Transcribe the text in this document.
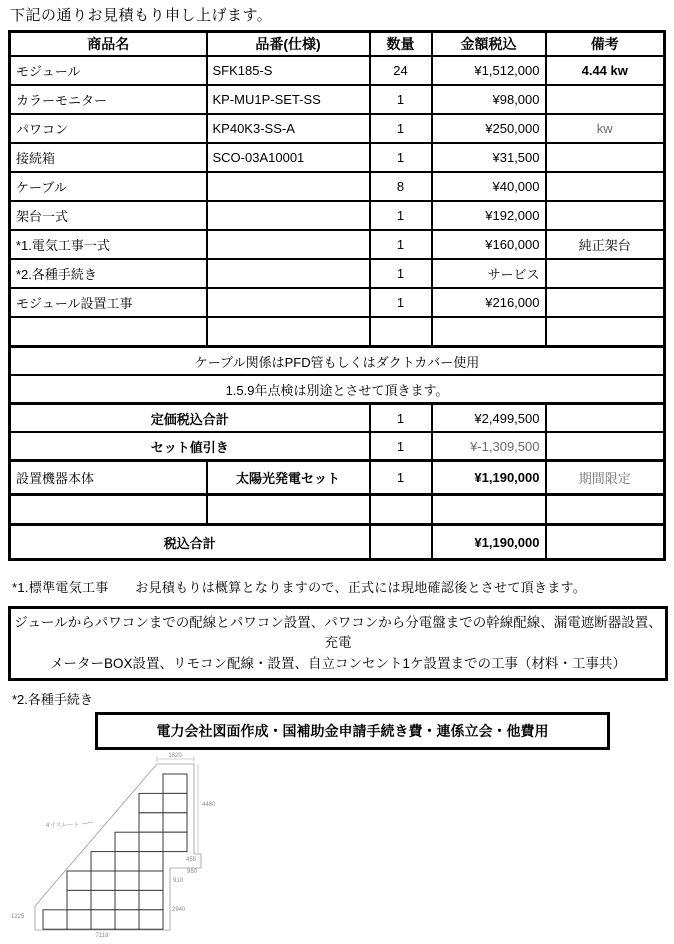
下記の通りお見積もり申し上げます。
商品名	品番(仕様)	数量	金額税込	備考
モジュール	SFK185-S	24	¥1,512,000	4.44 kw
カラーモニター	KP-MU1P-SET-SS	1	¥98,000	
パワコン	KP40K3-SS-A	1	¥250,000	kw
接続箱	SCO-03A10001	1	¥31,500	
ケーブル		8	¥40,000	
架台一式		1	¥192,000	
*1.電気工事一式		1	¥160,000	純正架台
*2.各種手続き		1	サービス	
モジュール設置工事		1	¥216,000	

ケーブル関係はPFD管もしくはダクトカバー使用				
1.5.9年点検は別途とさせて頂きます。				
定価税込合計		1	¥2,499,500	
セット値引き		1	¥-1,309,500	
設置機器本体	太陽光発電セット	1	¥1,190,000	期間限定

税込合計			¥1,190,000	
*1.標準電気工事　　お見積もりは概算となりますので、正式には現地確認後とさせて頂きます。
ジュールからパワコンまでの配線とパワコン設置、パワコンから分電盤までの幹線配線、漏電遮断器設置、充電
メーターBOX設置、リモコン配線・設置、自立コンセント1ケ設置までの工事（材料・工事共）
*2.各種手続き
電力会社図面作成・国補助金申請手続き費・連係立会・他費用
1820
4480
455
960
910
2940
1225
7118
4寸スレート
